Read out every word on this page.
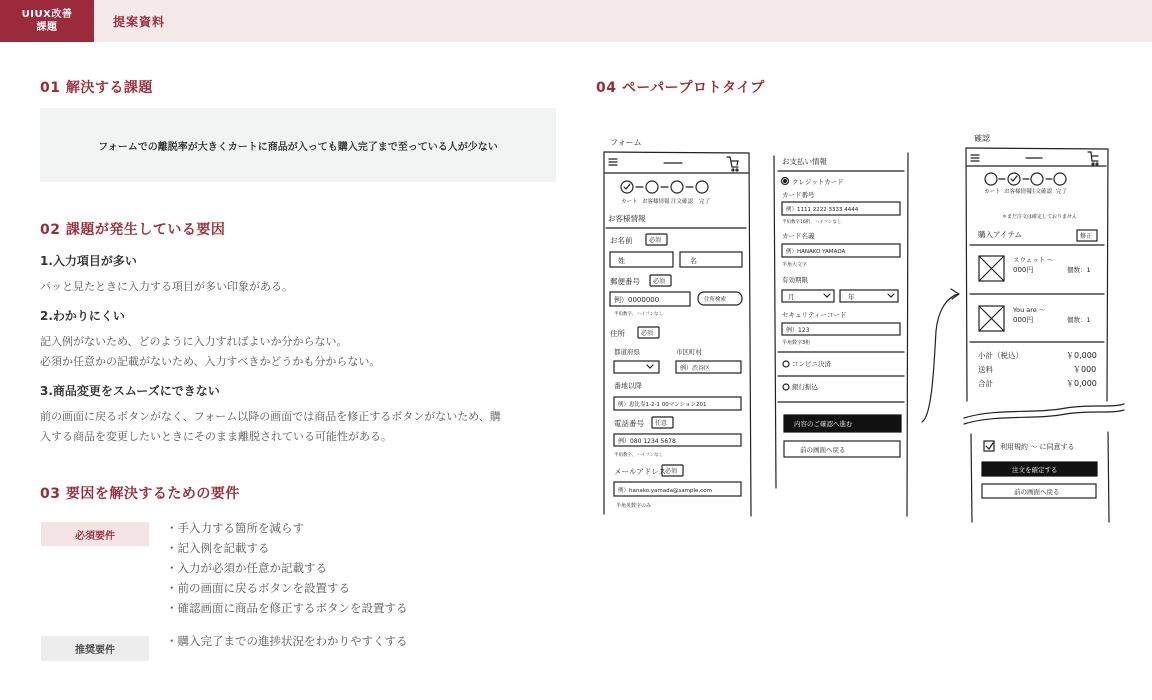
UIUX改善
課題	提案資料
01 解決する課題
フォームでの離脱率が大きくカートに商品が入っても購入完了まで至っている人が少ない
02 課題が発生している要因
1.入力項目が多い

パッと見たときに入力する項目が多い印象がある。

2.わかりにくい

記入例がないため、どのように入力すればよいか分からない。

必須か任意かの記載がないため、入力すべきかどうかも分からない。

3.商品変更をスムーズにできない

前の画面に戻るボタンがなく、フォーム以降の画面では商品を修正するボタンがないため、購

入する商品を変更したいときにそのまま離脱されている可能性がある。

03 要因を解決するための要件
必須要件
・手入力する箇所を減らす
・記入例を記載する
・入力が必須か任意か記載する
・前の画面に戻るボタンを設置する
・確認画面に商品を修正するボタンを設置する
推奨要件
・購入完了までの進捗状況をわかりやすくする
04 ペーパープロトタイプ
フォーム
カート お客様情報 注文確認 完了
お客様情報
お名前	必須
姓	名
郵便番号 必須
例）0000000	住所検索
半角数字、ハイフンなし
住所	必須
都道府県	市区町村
例）渋谷区
番地以降
例）恵比寿1-2-1 00マンション201
電話番号 任意
例）080 1234 5678
半角数字、ハイフンなし
メールアドレス
必須
例）hanako.yamada@sample.com
半角英数字のみ
お支払い情報
クレジットカード
カード番号
例）1111 2222 3333 4444
半角数字16桁、ハイフンなし
カード名義
例）HANAKO YAMADA
半角大文字
有効期限
月	年
セキュリティーコード
例）123
半角数字3桁
コンビニ決済
銀行振込
内容のご確認へ進む
前の画面へ戻る
確認
カート お客様情報
注文確認 完了
＊まだ注文は確定しておりません
購入アイテム	修正
スウェット 〜
000円	個数：1
You are 〜
000円	個数：1
小計（税込）	￥0,000
送料	￥000
合計	￥0,000
利用規約 〜 に同意する
注文を確定する
前の画面へ戻る
